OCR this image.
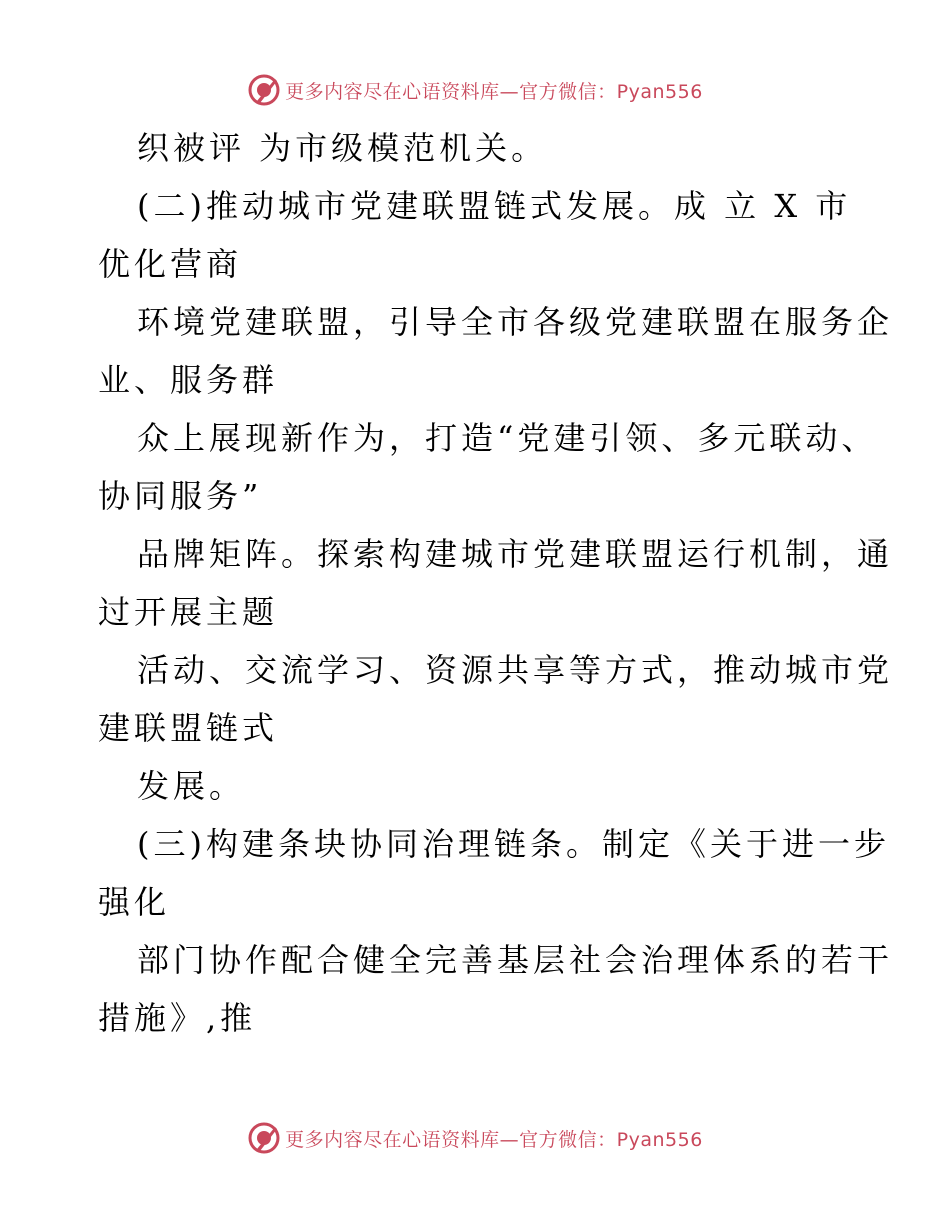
更多内容尽在心语资料库—官方微信：Pyan556
织被评 为市级模范机关。
(二)推动城市党建联盟链式发展。成 立 X 市
优化营商
环境党建联盟，引导全市各级党建联盟在服务企
业、服务群
众上展现新作为，打造“党建引领、多元联动、
协同服务”
品牌矩阵。探索构建城市党建联盟运行机制，通
过开展主题
活动、交流学习、资源共享等方式，推动城市党
建联盟链式
发展。
(三)构建条块协同治理链条。制定《关于进一步
强化
部门协作配合健全完善基层社会治理体系的若干
措施》,推
更多内容尽在心语资料库—官方微信：Pyan556
